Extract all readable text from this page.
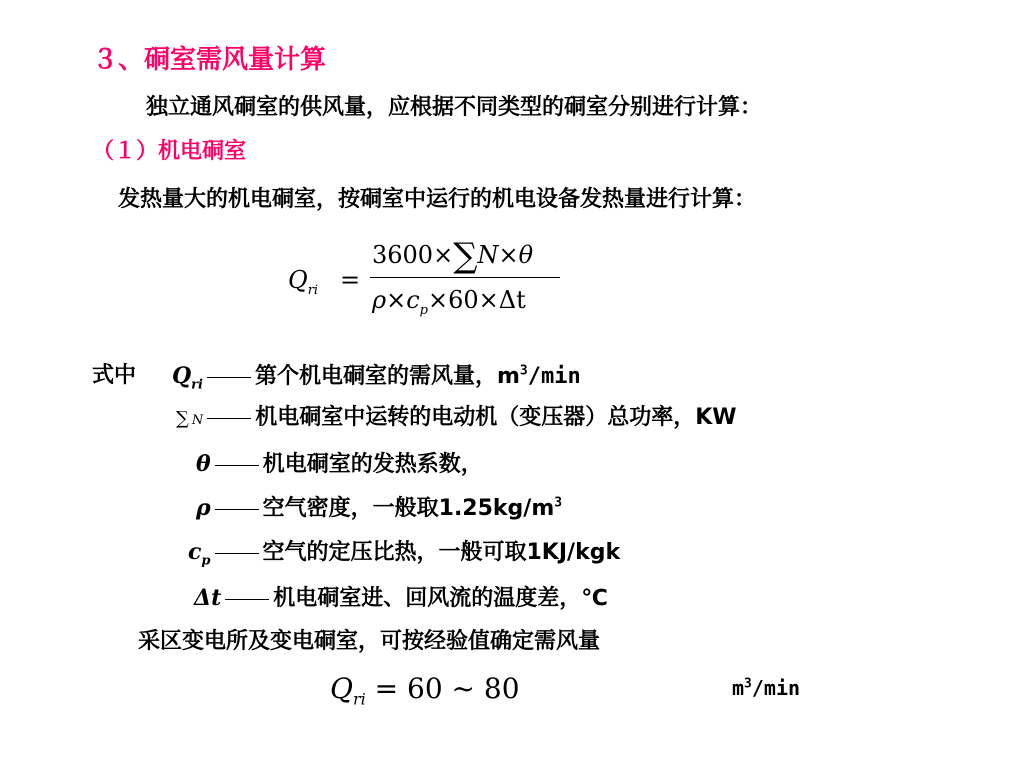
３、硐室需风量计算
独立通风硐室的供风量，应根据不同类型的硐室分别进行计算：
（１）机电硐室
发热量大的机电硐室，按硐室中运行的机电设备发热量进行计算：
$Q_{ri}$ =
3600×∑N×θ
$\rho\times c_p\times 60\times\Delta t$
式中 $Q_{ri}$ 第个机电硐室的需风量，$m^3/\min$
∑ N 机电硐室中运转的电动机（变压器）总功率，KW
θ 机电硐室的发热系数，
ρ 空气密度，一般取$1.25kg/m^3$
$c_p$ 空气的定压比热，一般可取1KJ/kgk
Δt 机电硐室进、回风流的温度差，℃
采区变电所及变电硐室，可按经验值确定需风量
$Q_{ri} = 60$ ~ 80	$m^3/\min$
